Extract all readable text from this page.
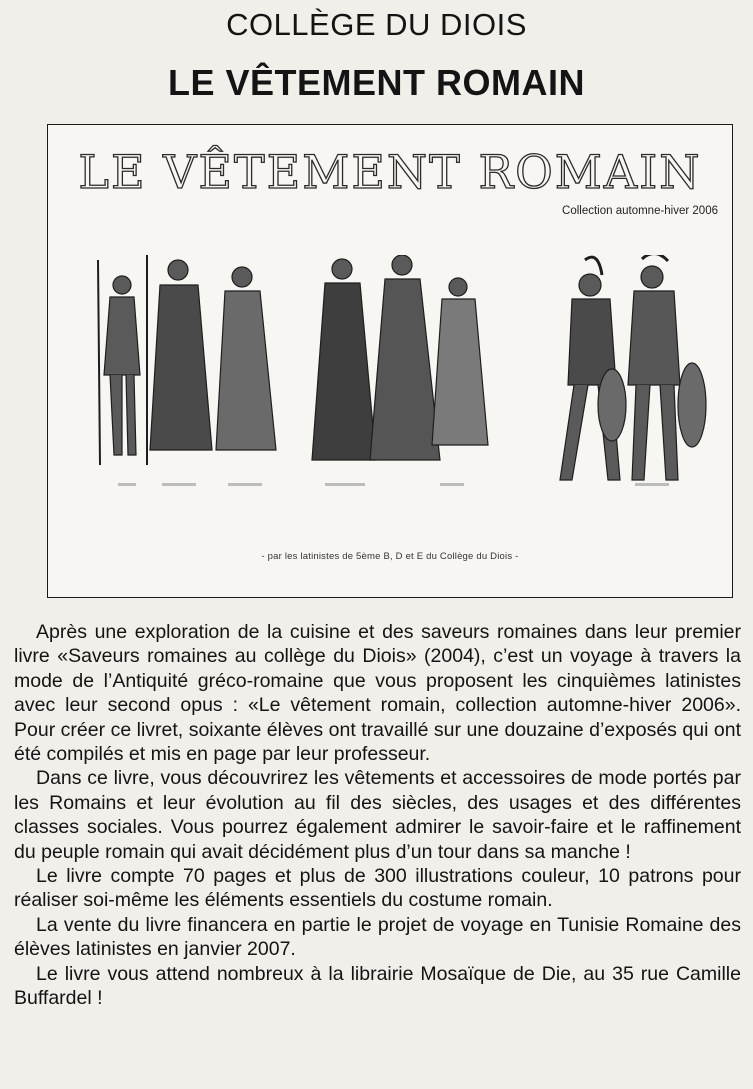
COLLÈGE DU DIOIS
LE VÊTEMENT ROMAIN
LE VÊTEMENT ROMAIN
Collection automne-hiver 2006
- par les latinistes de 5ème B, D et E du Collège du Diois -

Après une exploration de la cuisine et des saveurs romaines dans leur premier livre «Saveurs romaines au collège du Diois» (2004), c’est un voyage à travers la mode de l’Antiquité gréco-romaine que vous proposent les cinquièmes latinistes avec leur second opus : «Le vêtement romain, collection automne-hiver 2006». Pour créer ce livret, soixante élèves ont travaillé sur une douzaine d’exposés qui ont été compilés et mis en page par leur professeur.

Dans ce livre, vous découvrirez les vêtements et accessoires de mode portés par les Romains et leur évolution au fil des siècles, des usages et des différentes classes sociales. Vous pourrez également admirer le savoir-faire et le raffinement du peuple romain qui avait décidément plus d’un tour dans sa manche !

Le livre compte 70 pages et plus de 300 illustrations couleur, 10 patrons pour réaliser soi-même les éléments essentiels du costume romain.

La vente du livre financera en partie le projet de voyage en Tunisie Romaine des élèves latinistes en janvier 2007.

Le livre vous attend nombreux à la librairie Mosaïque de Die, au 35 rue Camille Buffardel !
